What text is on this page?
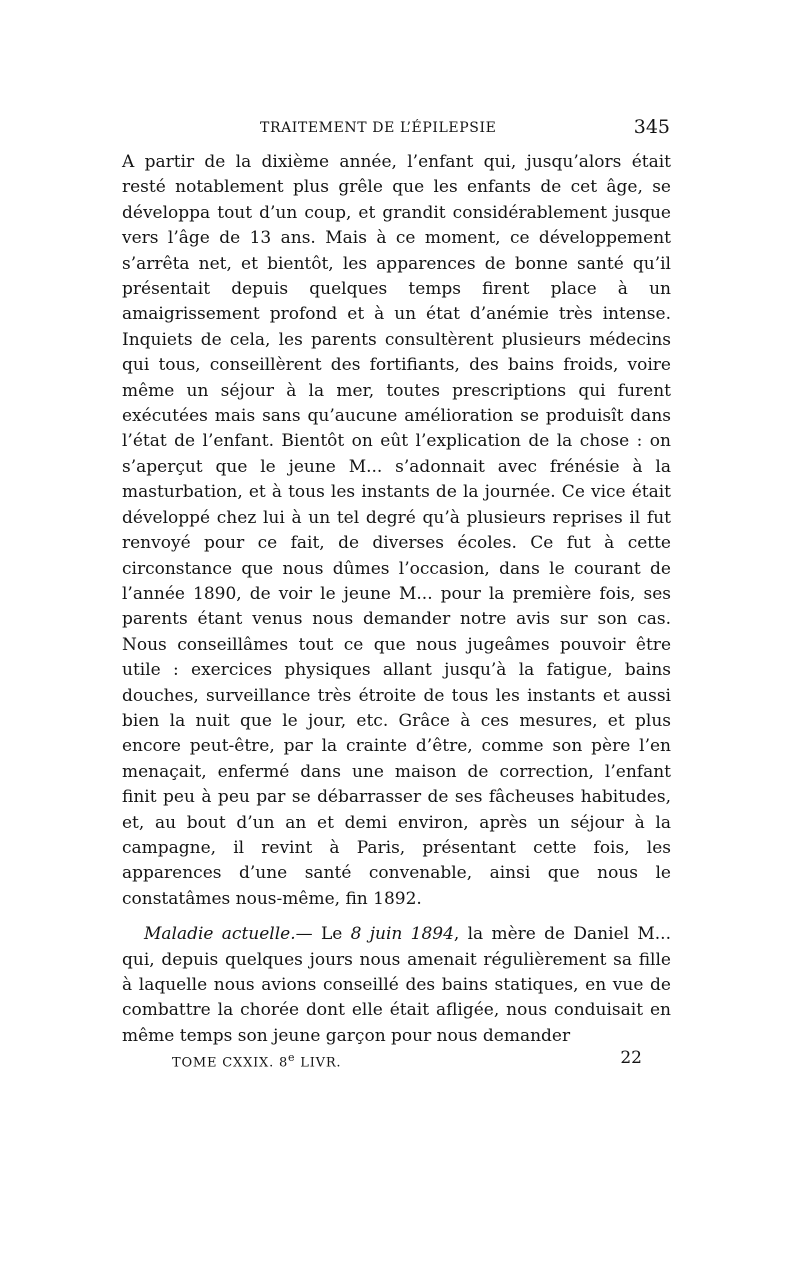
TRAITEMENT DE L’ÉPILEPSIE	345

A partir de la dixième année, l’enfant qui, jusqu’alors était resté notablement plus grêle que les enfants de cet âge, se développa tout d’un coup, et grandit considérablement jusque vers l’âge de 13 ans. Mais à ce moment, ce développement s’arrêta net, et bientôt, les apparences de bonne santé qu’il présentait depuis quelques temps firent place à un amaigrissement profond et à un état d’anémie très intense. Inquiets de cela, les parents consultèrent plusieurs médecins qui tous, conseillèrent des fortifiants, des bains froids, voire même un séjour à la mer, toutes prescriptions qui furent exécutées mais sans qu’aucune amélioration se produisît dans l’état de l’enfant. Bientôt on eût l’explication de la chose : on s’aperçut que le jeune M... s’adonnait avec frénésie à la masturbation, et à tous les instants de la journée. Ce vice était développé chez lui à un tel degré qu’à plusieurs reprises il fut renvoyé pour ce fait, de diverses écoles. Ce fut à cette circonstance que nous dûmes l’occasion, dans le courant de l’année 1890, de voir le jeune M... pour la première fois, ses parents étant venus nous demander notre avis sur son cas. Nous conseillâmes tout ce que nous jugeâmes pouvoir être utile : exercices physiques allant jusqu’à la fatigue, bains douches, surveillance très étroite de tous les instants et aussi bien la nuit que le jour, etc. Grâce à ces mesures, et plus encore peut-être, par la crainte d’être, comme son père l’en menaçait, enfermé dans une maison de correction, l’enfant finit peu à peu par se débarrasser de ses fâcheuses habitudes, et, au bout d’un an et demi environ, après un séjour à la campagne, il revint à Paris, présentant cette fois, les apparences d’une santé convenable, ainsi que nous le constatâmes nous-même, fin 1892.

Maladie actuelle.— Le 8 juin 1894, la mère de Daniel M... qui, depuis quelques jours nous amenait régulièrement sa fille à laquelle nous avions conseillé des bains statiques, en vue de combattre la chorée dont elle était afligée, nous conduisait en même temps son jeune garçon pour nous demander

TOME CXXIX. 8e LIVR.	22
